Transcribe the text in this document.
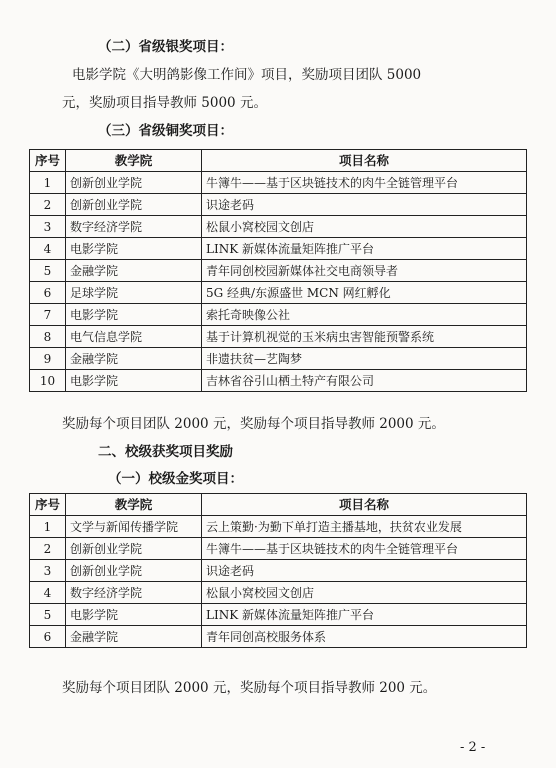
（二）省级银奖项目：
电影学院《大明鸽影像工作间》项目，奖励项目团队 5000
元，奖励项目指导教师 5000 元。
（三）省级铜奖项目：
序号	教学院	项目名称
1	创新创业学院	牛簿牛——基于区块链技术的肉牛全链管理平台
2	创新创业学院	识途老码
3	数字经济学院	松鼠小窝校园文创店
4	电影学院	LINK 新媒体流量矩阵推广平台
5	金融学院	青年同创校园新媒体社交电商领导者
6	足球学院	5G 经典/东源盛世 MCN 网红孵化
7	电影学院	索托奇映像公社
8	电气信息学院	基于计算机视觉的玉米病虫害智能预警系统
9	金融学院	非遗扶贫—艺陶梦
10	电影学院	吉林省谷引山栖土特产有限公司
奖励每个项目团队 2000 元，奖励每个项目指导教师 2000 元。
二、校级获奖项目奖励
（一）校级金奖项目：
序号	教学院	项目名称
1	文学与新闻传播学院	云上策勤·为勤下单打造主播基地，扶贫农业发展
2	创新创业学院	牛簿牛——基于区块链技术的肉牛全链管理平台
3	创新创业学院	识途老码
4	数字经济学院	松鼠小窝校园文创店
5	电影学院	LINK 新媒体流量矩阵推广平台
6	金融学院	青年同创高校服务体系
奖励每个项目团队 2000 元，奖励每个项目指导教师 200 元。
- 2 -
